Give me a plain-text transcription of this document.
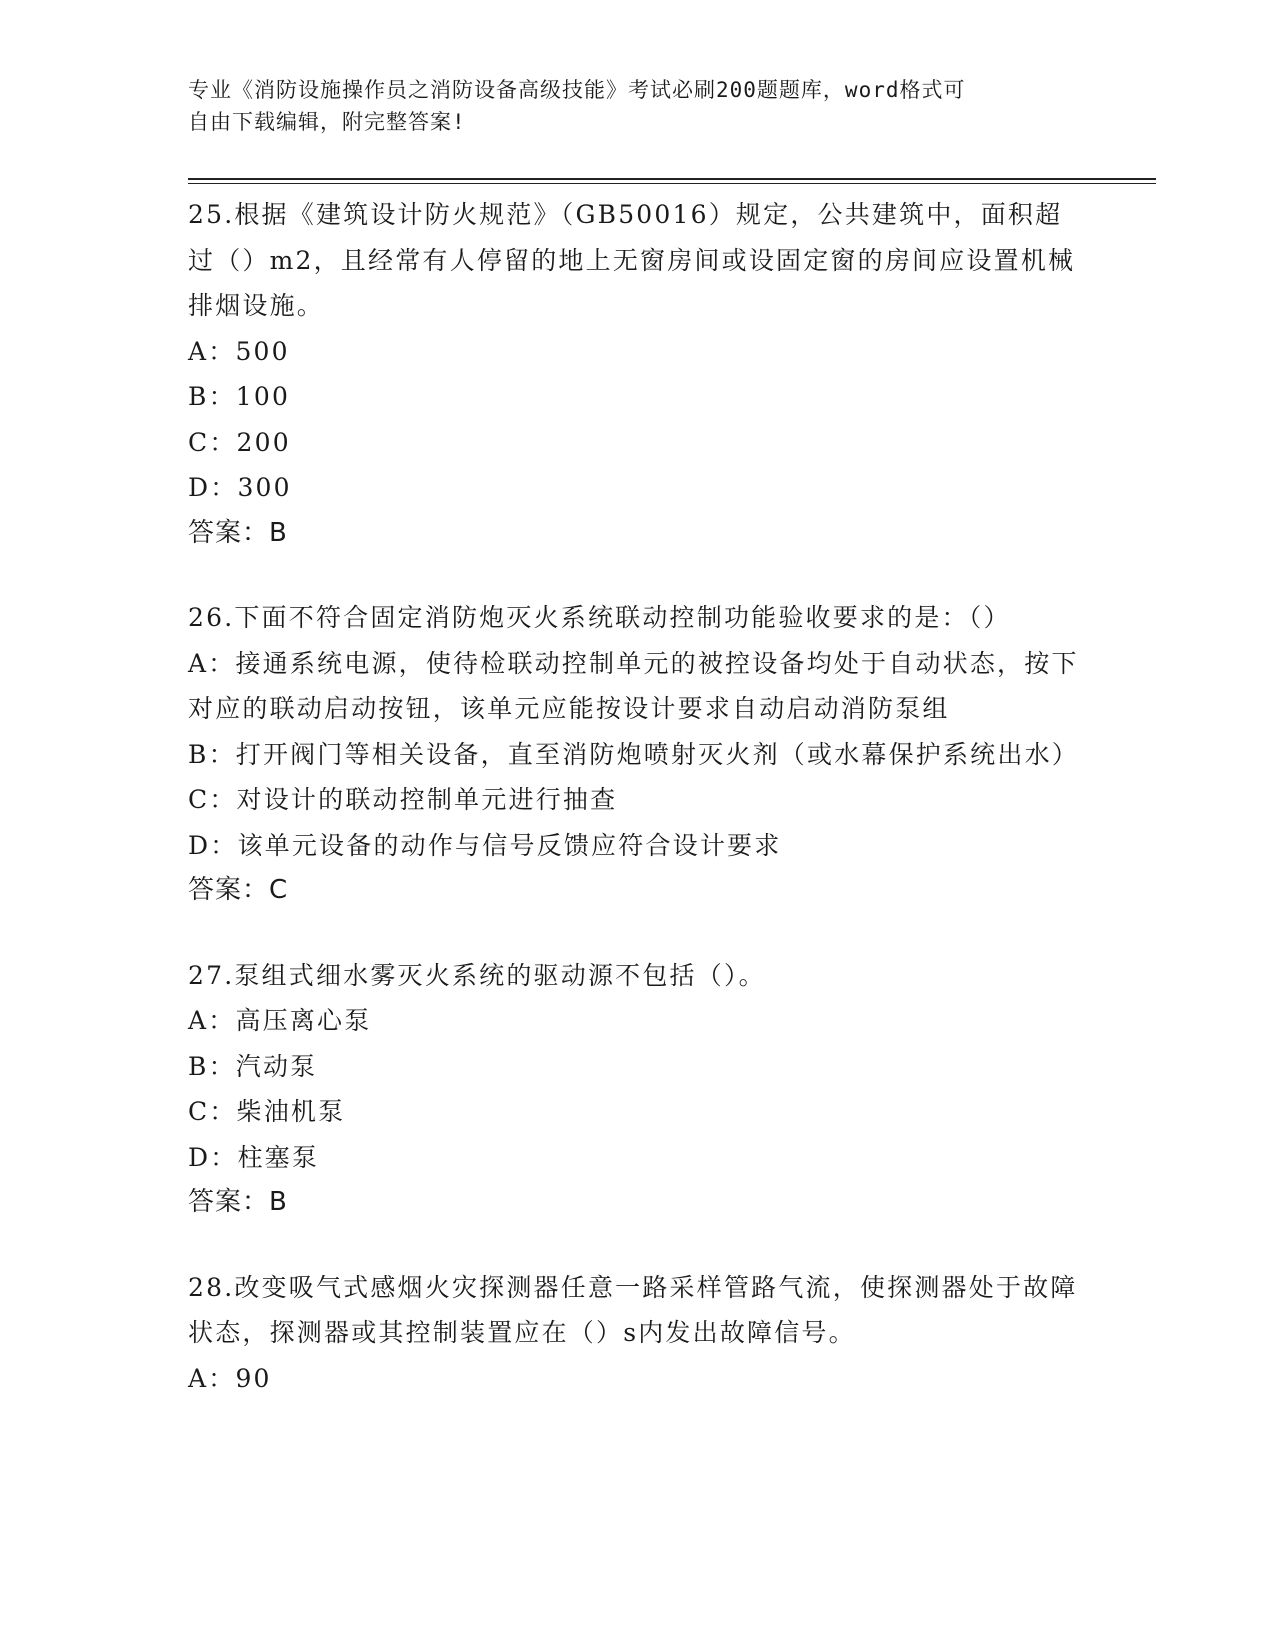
专业《消防设施操作员之消防设备高级技能》考试必刷200题题库，word格式可
自由下载编辑，附完整答案!

25.根据《建筑设计防火规范》（GB50016）规定，公共建筑中，面积超过（）m2，且经常有人停留的地上无窗房间或设固定窗的房间应设置机械排烟设施。

A：500

B：100

C：200

D：300

答案：B

26.下面不符合固定消防炮灭火系统联动控制功能验收要求的是：（）

A：接通系统电源，使待检联动控制单元的被控设备均处于自动状态，按下对应的联动启动按钮，该单元应能按设计要求自动启动消防泵组

B：打开阀门等相关设备，直至消防炮喷射灭火剂（或水幕保护系统出水）

C：对设计的联动控制单元进行抽查

D：该单元设备的动作与信号反馈应符合设计要求

答案：C

27.泵组式细水雾灭火系统的驱动源不包括（）。

A：高压离心泵

B：汽动泵

C：柴油机泵

D：柱塞泵

答案：B

28.改变吸气式感烟火灾探测器任意一路采样管路气流，使探测器处于故障状态，探测器或其控制装置应在（）s内发出故障信号。

A：90
